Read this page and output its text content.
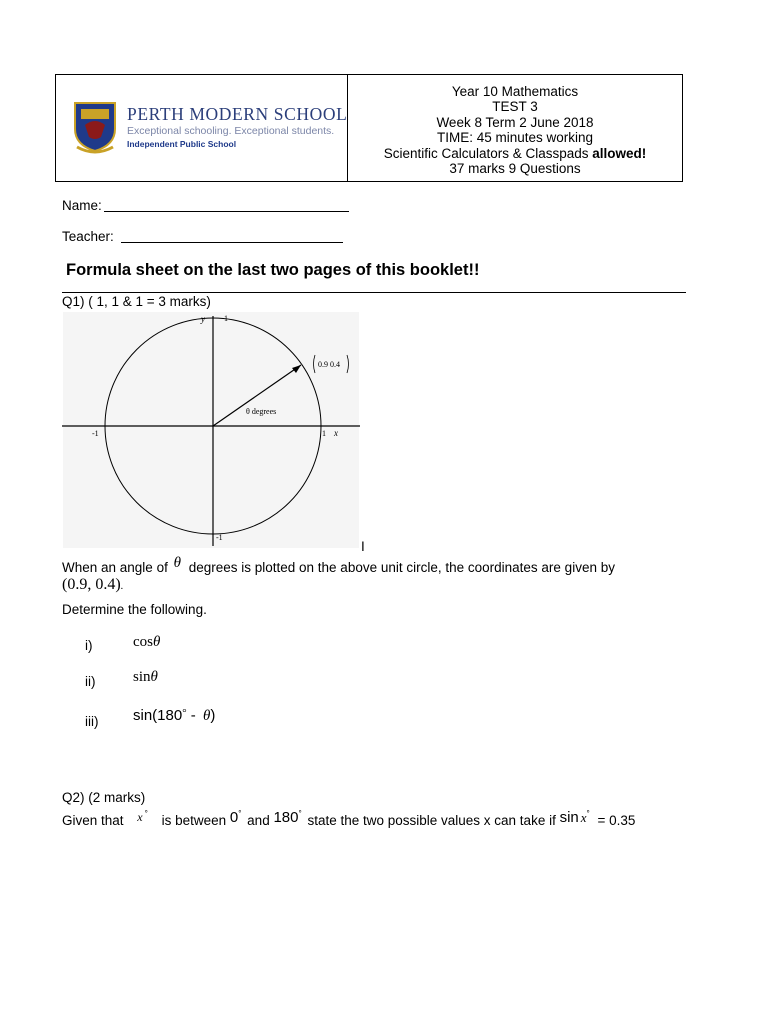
PERTH MODERN SCHOOL
Exceptional schooling. Exceptional students.
Independent Public School
Year 10 Mathematics
TEST 3
Week 8 Term 2 June 2018
TIME: 45 minutes working
Scientific Calculators & Classpads allowed!
37 marks 9 Questions
Name:
Teacher:
Formula sheet on the last two pages of this booklet!!
Q1) ( 1, 1 & 1 = 3 marks)
y 1
-1
-1	1 x
θ degrees
0.9 0.4
I
When an angle of θ degrees is plotted on the above unit circle, the coordinates are given by
(0.9, 0.4).
Determine the following.
i)	cosθ
ii)	sinθ
iii) sin(180° - θ)
Q2) (2 marks)
Given that x ° is between 0° and 180° state the two possible values x can take if sin x° = 0.35
